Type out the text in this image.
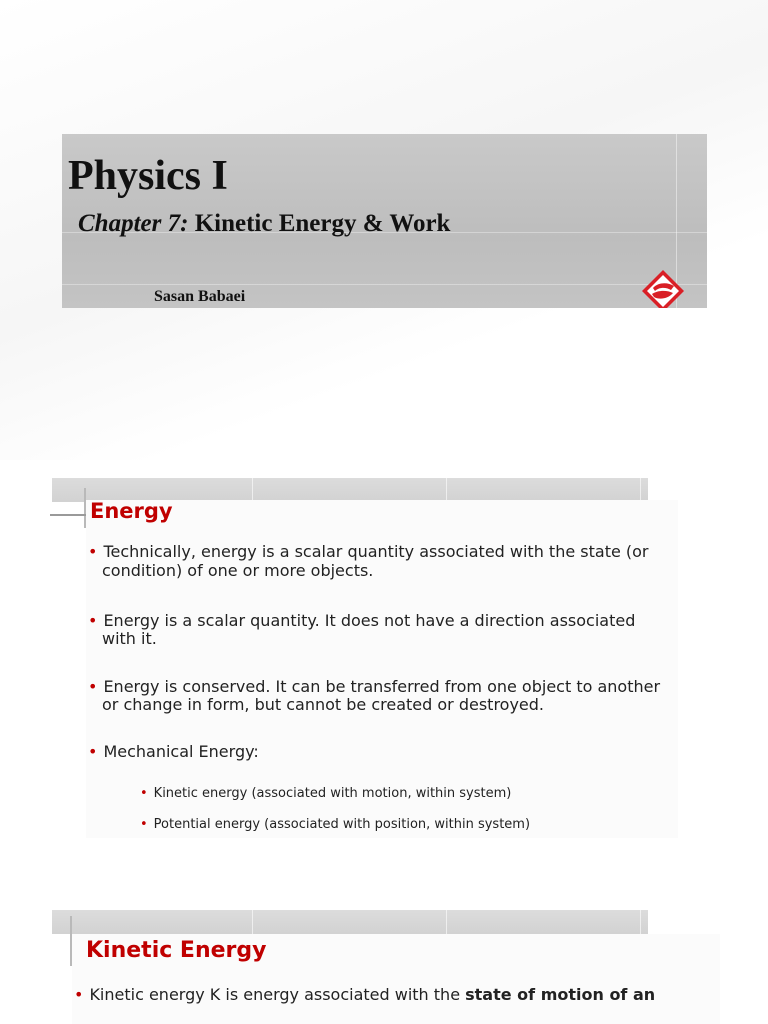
Physics I

Chapter 7: Kinetic Energy & Work

Sasan Babaei

Energy

• Technically, energy is a scalar quantity associated with the state (or

condition) of one or more objects.

• Energy is a scalar quantity. It does not have a direction associated

with it.

• Energy is conserved. It can be transferred from one object to another

or change in form, but cannot be created or destroyed.

• Mechanical Energy:

• Kinetic energy (associated with motion, within system)

• Potential energy (associated with position, within system)

Kinetic Energy

• Kinetic energy K is energy associated with the state of motion of an
